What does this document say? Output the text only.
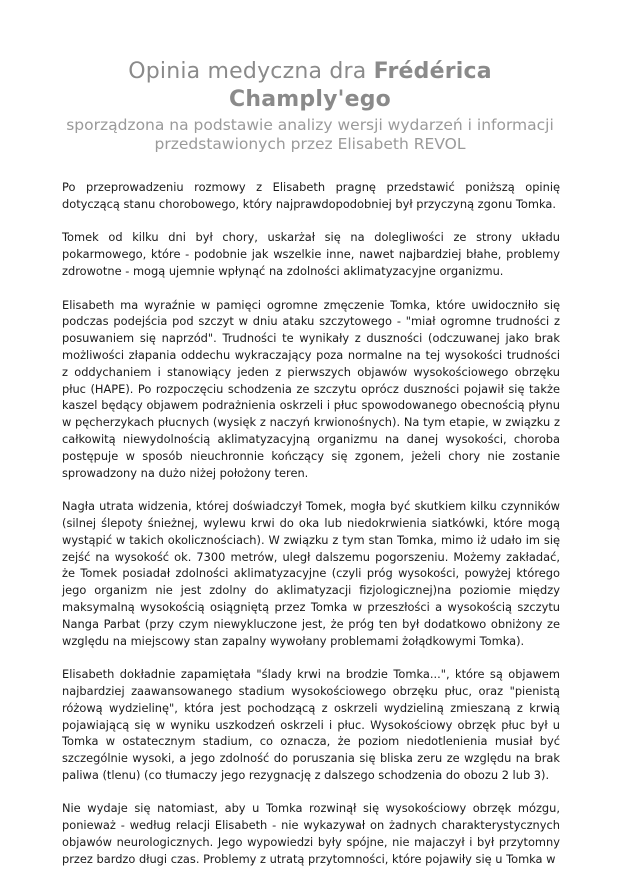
Opinia medyczna dra Frédérica
Champly'ego

sporządzona na podstawie analizy wersji wydarzeń i informacji przedstawionych przez Elisabeth REVOL

Po przeprowadzeniu rozmowy z Elisabeth pragnę przedstawić poniższą opinię dotyczącą stanu chorobowego, który najprawdopodobniej był przyczyną zgonu Tomka.

Tomek od kilku dni był chory, uskarżał się na dolegliwości ze strony układu pokarmowego, które - podobnie jak wszelkie inne, nawet najbardziej błahe, problemy zdrowotne - mogą ujemnie wpłynąć na zdolności aklimatyzacyjne organizmu.

Elisabeth ma wyraźnie w pamięci ogromne zmęczenie Tomka, które uwidoczniło się podczas podejścia pod szczyt w dniu ataku szczytowego - "miał ogromne trudności z posuwaniem się naprzód". Trudności te wynikały z duszności (odczuwanej jako brak możliwości złapania oddechu wykraczający poza normalne na tej wysokości trudności z oddychaniem i stanowiący jeden z pierwszych objawów wysokościowego obrzęku płuc (HAPE). Po rozpoczęciu schodzenia ze szczytu oprócz duszności pojawił się także kaszel będący objawem podrażnienia oskrzeli i płuc spowodowanego obecnością płynu w pęcherzykach płucnych (wysięk z naczyń krwionośnych). Na tym etapie, w związku z całkowitą niewydolnością aklimatyzacyjną organizmu na danej wysokości, choroba postępuje w sposób nieuchronnie kończący się zgonem, jeżeli chory nie zostanie sprowadzony na dużo niżej położony teren.

Nagła utrata widzenia, której doświadczył Tomek, mogła być skutkiem kilku czynników (silnej ślepoty śnieżnej, wylewu krwi do oka lub niedokrwienia siatkówki, które mogą wystąpić w takich okolicznościach). W związku z tym stan Tomka, mimo iż udało im się zejść na wysokość ok. 7300 metrów, uległ dalszemu pogorszeniu. Możemy zakładać, że Tomek posiadał zdolności aklimatyzacyjne (czyli próg wysokości, powyżej którego jego organizm nie jest zdolny do aklimatyzacji fizjologicznej)na poziomie między maksymalną wysokością osiągniętą przez Tomka w przeszłości a wysokością szczytu Nanga Parbat (przy czym niewykluczone jest, że próg ten był dodatkowo obniżony ze względu na miejscowy stan zapalny wywołany problemami żołądkowymi Tomka).

Elisabeth dokładnie zapamiętała "ślady krwi na brodzie Tomka...", które są objawem najbardziej zaawansowanego stadium wysokościowego obrzęku płuc, oraz "pienistą różową wydzielinę", która jest pochodzącą z oskrzeli wydzieliną zmieszaną z krwią pojawiającą się w wyniku uszkodzeń oskrzeli i płuc. Wysokościowy obrzęk płuc był u Tomka w ostatecznym stadium, co oznacza, że poziom niedotlenienia musiał być szczególnie wysoki, a jego zdolność do poruszania się bliska zeru ze względu na brak paliwa (tlenu) (co tłumaczy jego rezygnację z dalszego schodzenia do obozu 2 lub 3).

Nie wydaje się natomiast, aby u Tomka rozwinął się wysokościowy obrzęk mózgu, ponieważ - według relacji Elisabeth - nie wykazywał on żadnych charakterystycznych objawów neurologicznych. Jego wypowiedzi były spójne, nie majaczył i był przytomny przez bardzo długi czas. Problemy z utratą przytomności, które pojawiły się u Tomka w
